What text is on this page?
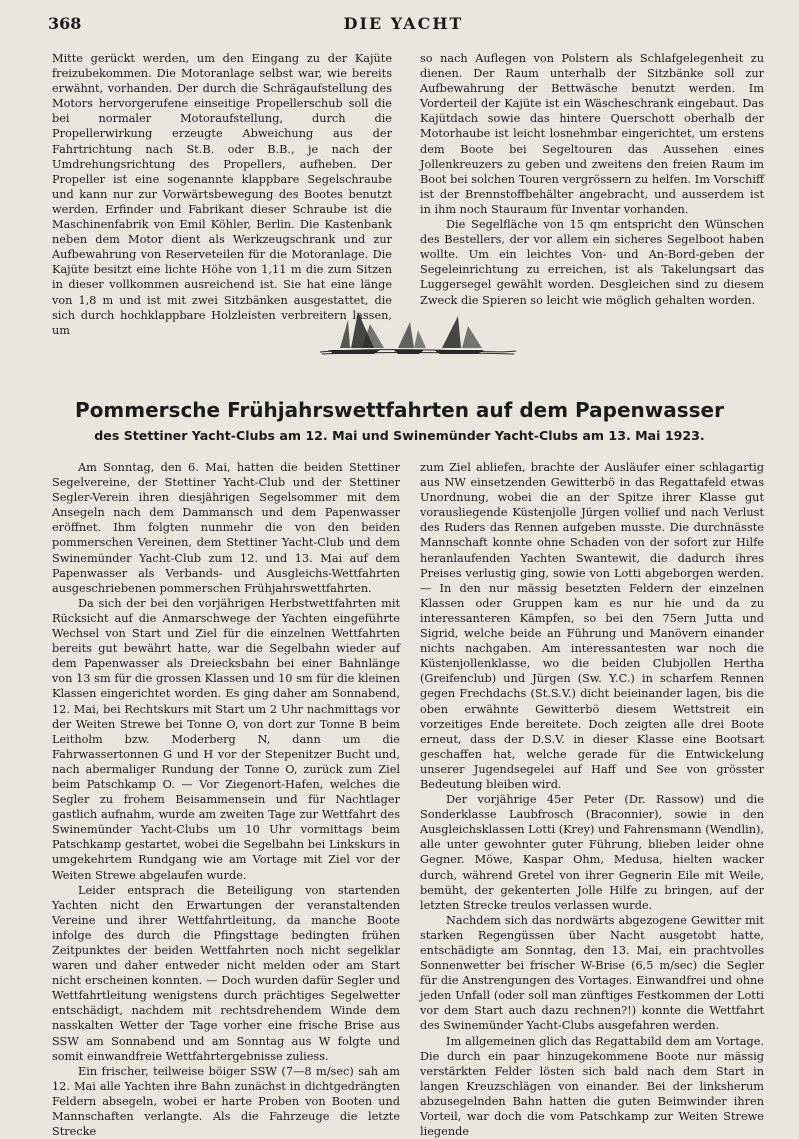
368	DIE YACHT

Mitte gerückt werden, um den Eingang zu der Kajüte freizubekommen. Die Motoranlage selbst war, wie bereits erwähnt, vorhanden. Der durch die Schrägaufstellung des Motors hervorgerufene einseitige Propellerschub soll die bei normaler Motoraufstellung, durch die Propellerwirkung erzeugte Abweichung aus der Fahrtrichtung nach St.B. oder B.B., je nach der Umdrehungsrichtung des Propellers, aufheben. Der Propeller ist eine sogenannte klappbare Segelschraube und kann nur zur Vorwärtsbewegung des Bootes benutzt werden. Erfinder und Fabrikant dieser Schraube ist die Maschinenfabrik von Emil Köhler, Berlin. Die Kastenbank neben dem Motor dient als Werkzeugschrank und zur Aufbewahrung von Reserveteilen für die Motoranlage. Die Kajüte besitzt eine lichte Höhe von 1,11 m die zum Sitzen in dieser vollkommen ausreichend ist. Sie hat eine länge von 1,8 m und ist mit zwei Sitzbänken ausgestattet, die sich durch hochklappbare Holzleisten verbreitern lassen, um

so nach Auflegen von Polstern als Schlafgelegenheit zu dienen. Der Raum unterhalb der Sitzbänke soll zur Aufbewahrung der Bettwäsche benutzt werden. Im Vorderteil der Kajüte ist ein Wäscheschrank eingebaut. Das Kajütdach sowie das hintere Querschott oberhalb der Motorhaube ist leicht losnehmbar eingerichtet, um erstens dem Boote bei Segeltouren das Aussehen eines Jollenkreuzers zu geben und zweitens den freien Raum im Boot bei solchen Touren vergrössern zu helfen. Im Vorschiff ist der Brennstoffbehälter angebracht, und ausserdem ist in ihm noch Stauraum für Inventar vorhanden.

Die Segelfläche von 15 qm entspricht den Wünschen des Bestellers, der vor allem ein sicheres Segelboot haben wollte. Um ein leichtes Von- und An-Bord-geben der Segeleinrichtung zu erreichen, ist als Takelungsart das Luggersegel gewählt worden. Desgleichen sind zu diesem Zweck die Spieren so leicht wie möglich gehalten worden.

Pommersche Frühjahrswettfahrten auf dem Papenwasser
des Stettiner Yacht-Clubs am 12. Mai und Swinemünder Yacht-Clubs am 13. Mai 1923.

Am Sonntag, den 6. Mai, hatten die beiden Stettiner Segelvereine, der Stettiner Yacht-Club und der Stettiner Segler-Verein ihren diesjährigen Segelsommer mit dem Ansegeln nach dem Dammansch und dem Papenwasser eröffnet. Ihm folgten nunmehr die von den beiden pommerschen Vereinen, dem Stettiner Yacht-Club und dem Swinemünder Yacht-Club zum 12. und 13. Mai auf dem Papenwasser als Verbands- und Ausgleichs-Wettfahrten ausgeschriebenen pommerschen Frühjahrswettfahrten.

Da sich der bei den vorjährigen Herbstwettfahrten mit Rücksicht auf die Anmarschwege der Yachten eingeführte Wechsel von Start und Ziel für die einzelnen Wettfahrten bereits gut bewährt hatte, war die Segelbahn wieder auf dem Papenwasser als Dreiecksbahn bei einer Bahnlänge von 13 sm für die grossen Klassen und 10 sm für die kleinen Klassen eingerichtet worden. Es ging daher am Sonnabend, 12. Mai, bei Rechtskurs mit Start um 2 Uhr nachmittags vor der Weiten Strewe bei Tonne O, von dort zur Tonne B beim Leitholm bzw. Moderberg N, dann um die Fahrwassertonnen G und H vor der Stepenitzer Bucht und, nach abermaliger Rundung der Tonne O, zurück zum Ziel beim Patschkamp O. — Vor Ziegenort-Hafen, welches die Segler zu frohem Beisammensein und für Nachtlager gastlich aufnahm, wurde am zweiten Tage zur Wettfahrt des Swinemünder Yacht-Clubs um 10 Uhr vormittags beim Patschkamp gestartet, wobei die Segelbahn bei Linkskurs in umgekehrtem Rundgang wie am Vortage mit Ziel vor der Weiten Strewe abgelaufen wurde.

Leider entsprach die Beteiligung von startenden Yachten nicht den Erwartungen der veranstaltenden Vereine und ihrer Wettfahrtleitung, da manche Boote infolge des durch die Pfingsttage bedingten frühen Zeitpunktes der beiden Wettfahrten noch nicht segelklar waren und daher entweder nicht melden oder am Start nicht erscheinen konnten. — Doch wurden dafür Segler und Wettfahrtleitung wenigstens durch prächtiges Segelwetter entschädigt, nachdem mit rechtsdrehendem Winde dem nasskalten Wetter der Tage vorher eine frische Brise aus SSW am Sonnabend und am Sonntag aus W folgte und somit einwandfreie Wettfahrtergebnisse zuliess.

Ein frischer, teilweise böiger SSW (7—8 m/sec) sah am 12. Mai alle Yachten ihre Bahn zunächst in dichtgedrängten Feldern absegeln, wobei er harte Proben von Booten und Mannschaften verlangte. Als die Fahrzeuge die letzte Strecke

zum Ziel abliefen, brachte der Ausläufer einer schlagartig aus NW einsetzenden Gewitterbö in das Regattafeld etwas Unordnung, wobei die an der Spitze ihrer Klasse gut vorausliegende Küstenjolle Jürgen vollief und nach Verlust des Ruders das Rennen aufgeben musste. Die durchnässte Mannschaft konnte ohne Schaden von der sofort zur Hilfe heranlaufenden Yachten Swantewit, die dadurch ihres Preises verlustig ging, sowie von Lotti abgeborgen werden. — In den nur mässig besetzten Feldern der einzelnen Klassen oder Gruppen kam es nur hie und da zu interessanteren Kämpfen, so bei den 75ern Jutta und Sigrid, welche beide an Führung und Manövern einander nichts nachgaben. Am interessantesten war noch die Küstenjollenklasse, wo die beiden Clubjollen Hertha (Greifenclub) und Jürgen (Sw. Y.C.) in scharfem Rennen gegen Frechdachs (St.S.V.) dicht beieinander lagen, bis die oben erwähnte Gewitterbö diesem Wettstreit ein vorzeitiges Ende bereitete. Doch zeigten alle drei Boote erneut, dass der D.S.V. in dieser Klasse eine Bootsart geschaffen hat, welche gerade für die Entwickelung unserer Jugendsegelei auf Haff und See von grösster Bedeutung bleiben wird.

Der vorjährige 45er Peter (Dr. Rassow) und die Sonderklasse Laubfrosch (Braconnier), sowie in den Ausgleichsklassen Lotti (Krey) und Fahrensmann (Wendlin), alle unter gewohnter guter Führung, blieben leider ohne Gegner. Möwe, Kaspar Ohm, Medusa, hielten wacker durch, während Gretel von ihrer Gegnerin Eile mit Weile, bemüht, der gekenterten Jolle Hilfe zu bringen, auf der letzten Strecke treulos verlassen wurde.

Nachdem sich das nordwärts abgezogene Gewitter mit starken Regengüssen über Nacht ausgetobt hatte, entschädigte am Sonntag, den 13. Mai, ein prachtvolles Sonnenwetter bei frischer W-Brise (6,5 m/sec) die Segler für die Anstrengungen des Vortages. Einwandfrei und ohne jeden Unfall (oder soll man zünftiges Festkommen der Lotti vor dem Start auch dazu rechnen?!) konnte die Wettfahrt des Swinemünder Yacht-Clubs ausgefahren werden.

Im allgemeinen glich das Regattabild dem am Vortage. Die durch ein paar hinzugekommene Boote nur mässig verstärkten Felder lösten sich bald nach dem Start in langen Kreuzschlägen von einander. Bei der linksherum abzusegelnden Bahn hatten die guten Beimwinder ihren Vorteil, war doch die vom Patschkamp zur Weiten Strewe liegende
